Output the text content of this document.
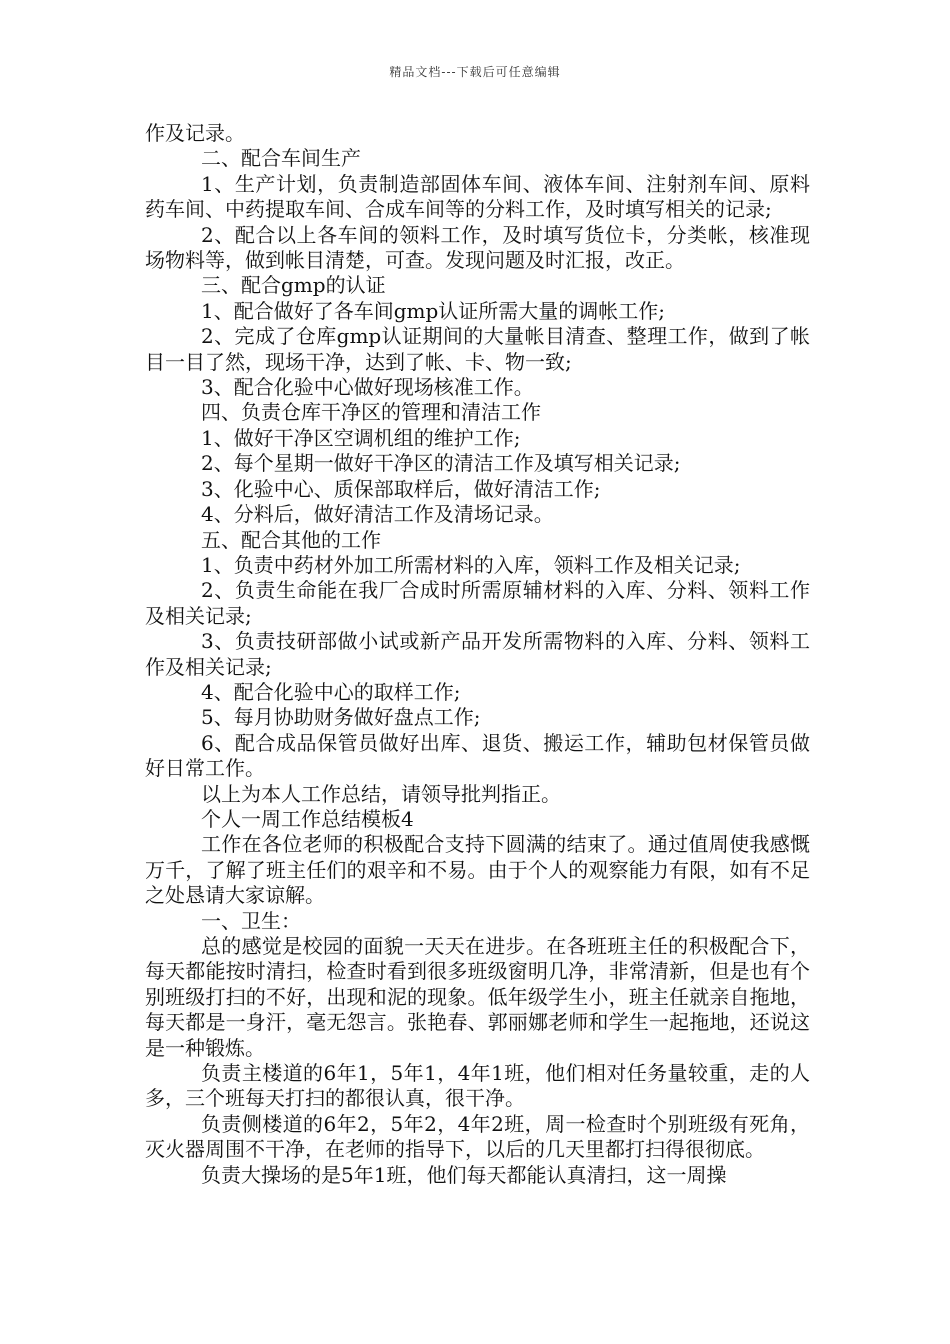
精品文档---下载后可任意编辑

作及记录。

二、配合车间生产

1、生产计划，负责制造部固体车间、液体车间、注射剂车间、原料药车间、中药提取车间、合成车间等的分料工作，及时填写相关的记录;

2、配合以上各车间的领料工作，及时填写货位卡，分类帐，核准现场物料等，做到帐目清楚，可查。发现问题及时汇报，改正。

三、配合gmp的认证

1、配合做好了各车间gmp认证所需大量的调帐工作;

2、完成了仓库gmp认证期间的大量帐目清查、整理工作，做到了帐目一目了然，现场干净，达到了帐、卡、物一致;

3、配合化验中心做好现场核准工作。

四、负责仓库干净区的管理和清洁工作

1、做好干净区空调机组的维护工作;

2、每个星期一做好干净区的清洁工作及填写相关记录;

3、化验中心、质保部取样后，做好清洁工作;

4、分料后，做好清洁工作及清场记录。

五、配合其他的工作

1、负责中药材外加工所需材料的入库，领料工作及相关记录;

2、负责生命能在我厂合成时所需原辅材料的入库、分料、领料工作及相关记录;

3、负责技研部做小试或新产品开发所需物料的入库、分料、领料工作及相关记录;

4、配合化验中心的取样工作;

5、每月协助财务做好盘点工作;

6、配合成品保管员做好出库、退货、搬运工作，辅助包材保管员做好日常工作。

以上为本人工作总结，请领导批判指正。

个人一周工作总结模板4

工作在各位老师的积极配合支持下圆满的结束了。通过值周使我感慨万千，了解了班主任们的艰辛和不易。由于个人的观察能力有限，如有不足之处恳请大家谅解。

一、卫生：

总的感觉是校园的面貌一天天在进步。在各班班主任的积极配合下，每天都能按时清扫，检查时看到很多班级窗明几净，非常清新，但是也有个别班级打扫的不好，出现和泥的现象。低年级学生小，班主任就亲自拖地，每天都是一身汗，毫无怨言。张艳春、郭丽娜老师和学生一起拖地，还说这是一种锻炼。

负责主楼道的6年1，5年1，4年1班，他们相对任务量较重，走的人多，三个班每天打扫的都很认真，很干净。

负责侧楼道的6年2，5年2，4年2班，周一检查时个别班级有死角，灭火器周围不干净，在老师的指导下，以后的几天里都打扫得很彻底。

负责大操场的是5年1班，他们每天都能认真清扫，这一周操
